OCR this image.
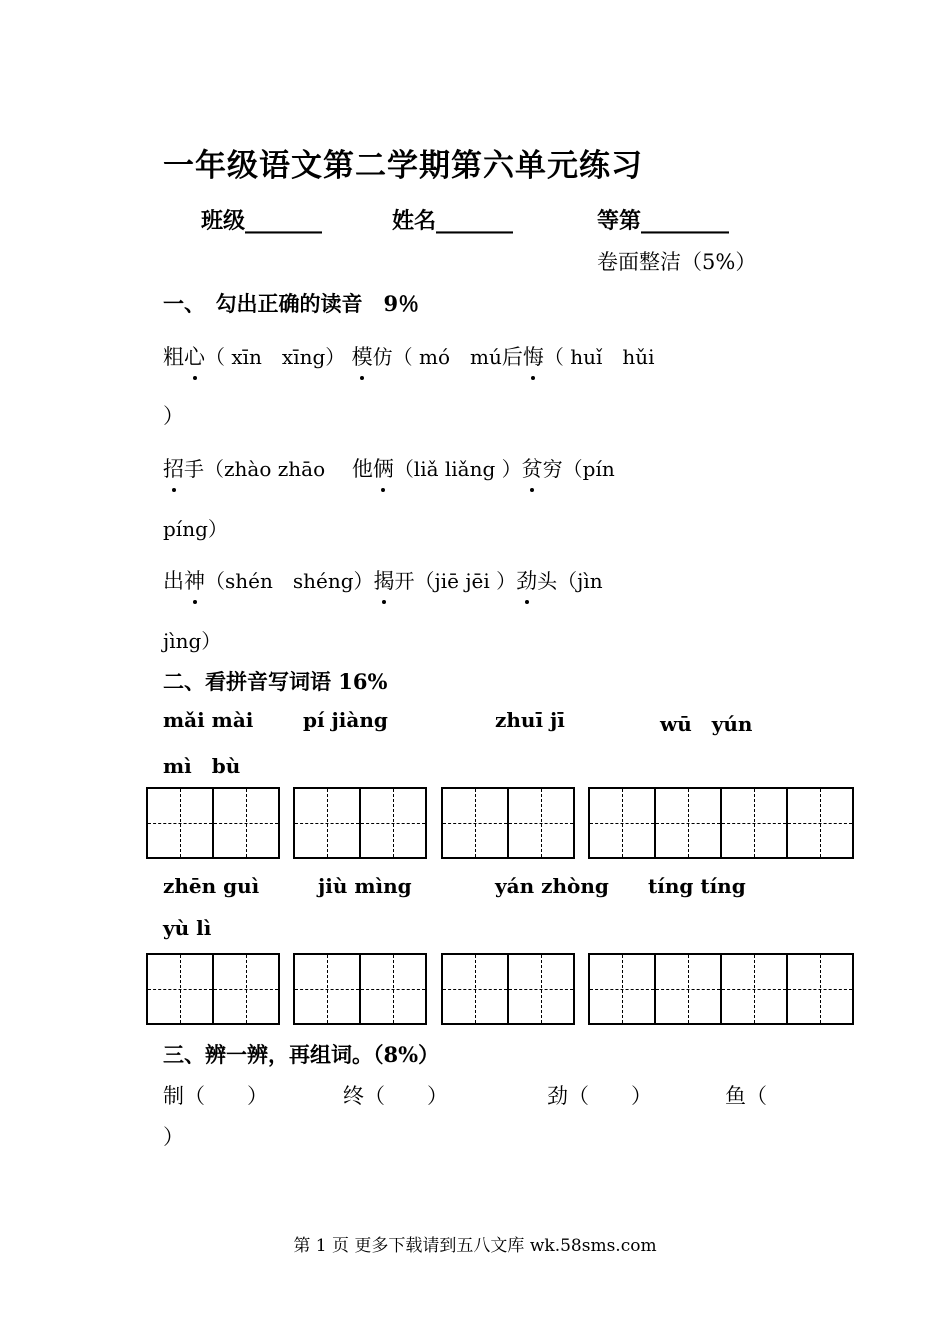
一年级语文第二学期第六单元练习
班级_______	姓名_______	等第________
卷面整洁（5%）
一、　勾出正确的读音　9％
粗心（ xīn　xīng） 模仿（ mó　mú后悔（ huǐ　hǔi
）
招手（zhào zhāo　 他俩（liǎ liǎng ）贫穷（pín
píng）
出神（shén　shéng）揭开（jiē jēi ）劲头（jìn
jìng）
二、看拼音写词语 16%
mǎi mài pí jiàng	zhuī jī	wū　yún
mì　bù
zhēn guì	jiù mìng	yán zhòng tíng tíng
yù lì
三、辨一辨，再组词。（8%）
制（　　）	终（　　）	劲（　　）	鱼（
）
第 1 页 更多下载请到五八文库 wk.58sms.com
